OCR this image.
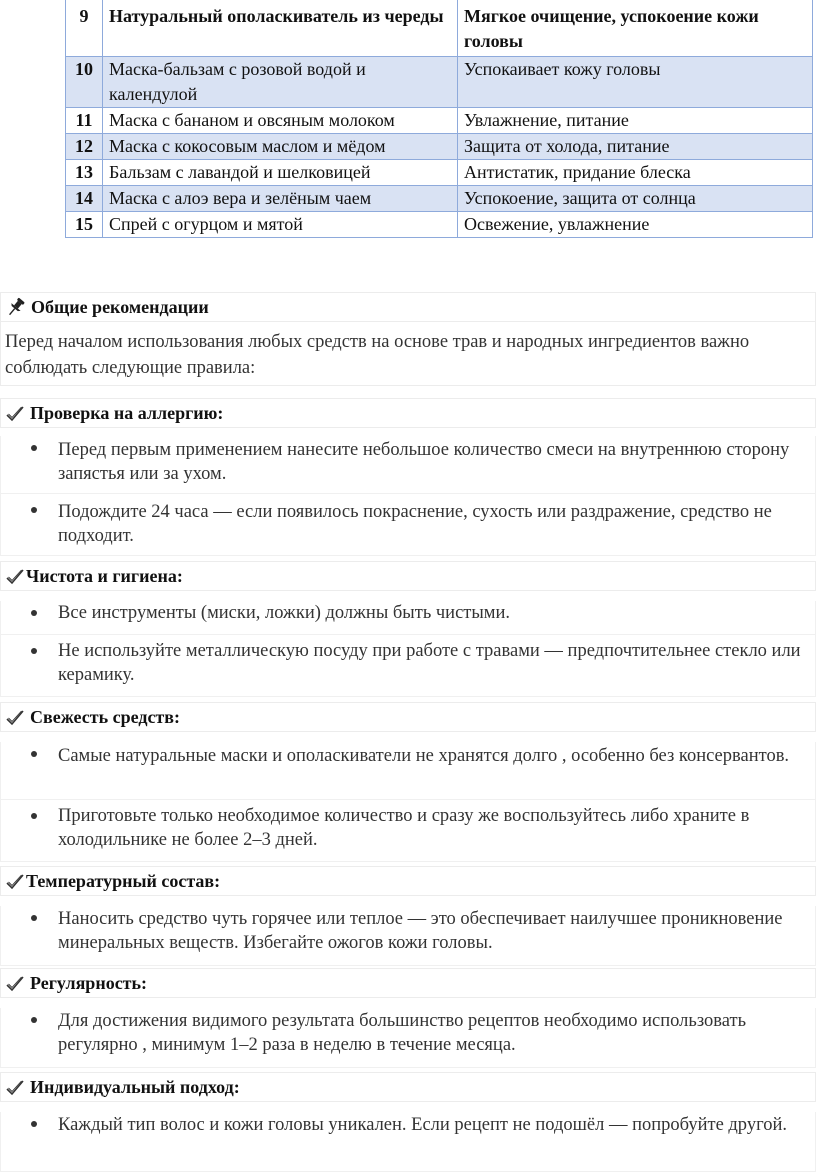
9	Натуральный ополаскиватель из череды	Мягкое очищение, успокоение кожи головы
10	Маска-бальзам с розовой водой и календулой	Успокаивает кожу головы
11	Маска с бананом и овсяным молоком	Увлажнение, питание
12	Маска с кокосовым маслом и мёдом	Защита от холода, питание
13	Бальзам с лавандой и шелковицей	Антистатик, придание блеска
14	Маска с алоэ вера и зелёным чаем	Успокоение, защита от солнца
15	Спрей с огурцом и мятой	Освежение, увлажнение
Общие рекомендации
Перед началом использования любых средств на основе трав и народных ингредиентов важно соблюдать следующие правила:
Проверка на аллергию:
Перед первым применением нанесите небольшое количество смеси на внутреннюю сторону запястья или за ухом.
Подождите 24 часа — если появилось покраснение, сухость или раздражение, средство не подходит.
Чистота и гигиена:
Все инструменты (миски, ложки) должны быть чистыми.
Не используйте металлическую посуду при работе с травами — предпочтительнее стекло или керамику.
Свежесть средств:
Самые натуральные маски и ополаскиватели не хранятся долго , особенно без консервантов.
Приготовьте только необходимое количество и сразу же воспользуйтесь либо храните в холодильнике не более 2–3 дней.
Температурный состав:
Наносить средство чуть горячее или теплое — это обеспечивает наилучшее проникновение минеральных веществ. Избегайте ожогов кожи головы.
Регулярность:
Для достижения видимого результата большинство рецептов необходимо использовать регулярно , минимум 1–2 раза в неделю в течение месяца.
Индивидуальный подход:
Каждый тип волос и кожи головы уникален. Если рецепт не подошёл — попробуйте другой.
